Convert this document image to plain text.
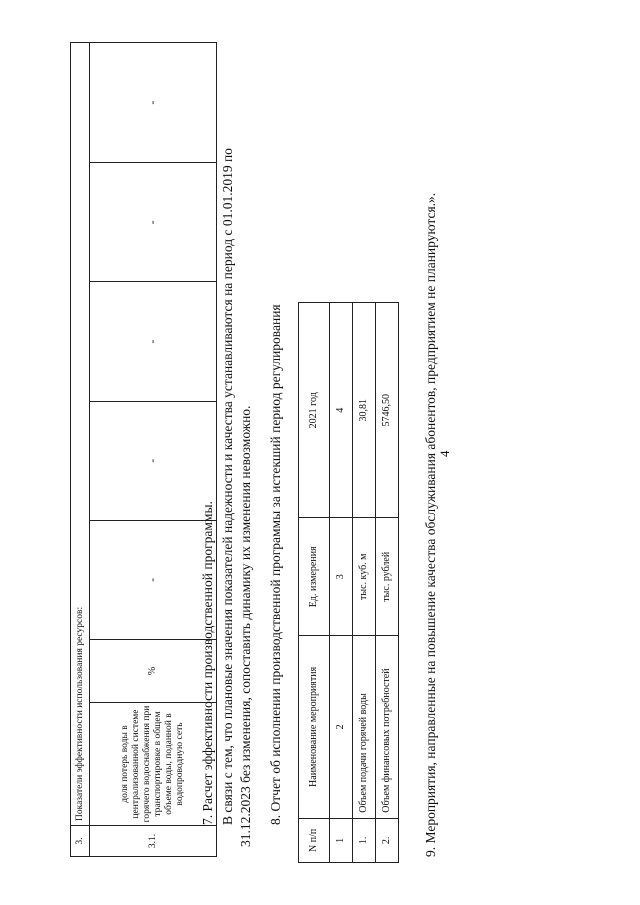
4
3.	Показатели эффективности использования ресурсов:						
3.1.	доля потерь воды в централизованной системе горячего водоснабжения при транспортировке в общем объеме воды, поданной в водопроводную сеть	%	-	-	-	-	-
7. Расчет эффективности производственной программы. В связи с тем, что плановые значения показателей надежности и качества устанавливаются на период с 01.01.2019 по 31.12.2023 без изменения, сопоставить динамику их изменения невозможно. 8. Отчет об исполнении производственной программы за истекший период регулирования
N п/п	Наименование мероприятия	Ед. измерения	2021 год
1	2	3	4
1.	Объем подачи горячей воды	тыс. куб. м	30,81
2.	Объем финансовых потребностей	тыс. рублей	5746,50 9. Мероприятия, направленные на повышение качества обслуживания абонентов, предприятием не планируются.».
